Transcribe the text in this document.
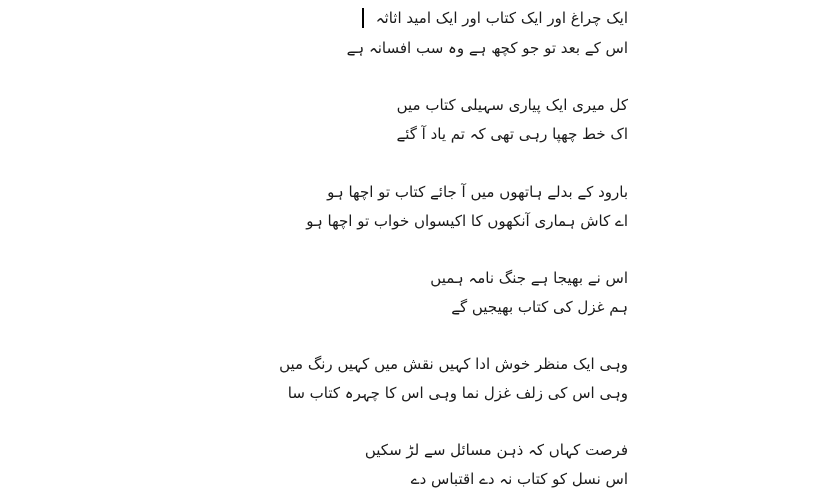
ایک چراغ اور ایک کتاب اور ایک امید اثاثہ
اس کے بعد تو جو کچھ ہے وہ سب افسانہ ہے
کل میری ایک پیاری سہیلی کتاب میں
اک خط چھپا رہی تھی کہ تم یاد آ گئے
بارود کے بدلے ہاتھوں میں آ جائے کتاب تو اچھا ہو
اے کاش ہماری آنکھوں کا اکیسواں خواب تو اچھا ہو
اس نے بھیجا ہے جنگ نامہ ہمیں
ہم غزل کی کتاب بھیجیں گے
وہی ایک منظر خوش ادا کہیں نقش میں کہیں رنگ میں
وہی اس کی زلف غزل نما وہی اس کا چہرہ کتاب سا
فرصت کہاں کہ ذہن مسائل سے لڑ سکیں
اس نسل کو کتاب نہ دے اقتباس دے
